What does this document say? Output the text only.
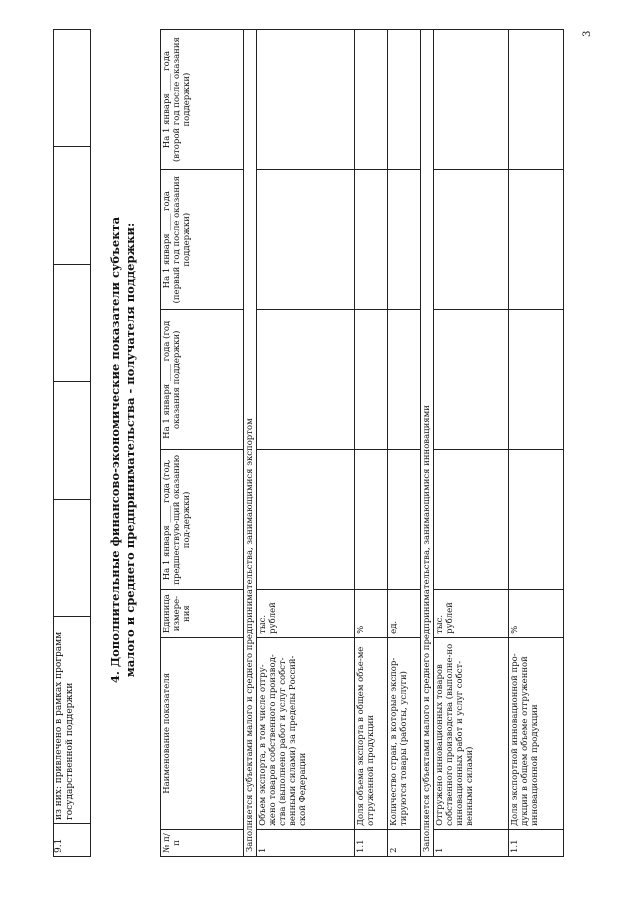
3
9.1	из них: привлечено в рамках программ государственной поддержки					
4. Дополнительные финансово-экономические показатели субъекта малого и среднего предпринимательства - получателя поддержки:
№ п/п	Наименование показателя	Единица измере-ния	На 1 января ____ года (год, предшествую-щий оказанию под-держки)	На 1 января ____ года (год оказания поддержки)	На 1 января ____ года (первый год после оказания поддержки)	На 1 января ____ года (второй год после оказания поддержки)
Заполняется субъектами малого и среднего предпринимательства, занимающимися экспортом						
1	Объем экспорта, в том числе отгру-жено товаров собственного производ-ства (выполнено работ и услуг собст-венными силами) за пределы Россий-ской Федерации	тыс. рублей				
1.1	Доля объема экспорта в общем объе-ме отгруженной продукции	%				
2	Количество стран, в которые экспор-тируются товары (работы, услуги)	ед.				
Заполняется субъектами малого и среднего предпринимательства, занимающимися инновациями						
1	Отгружено инновационных товаров собственного производства (выполне-но инновационных работ и услуг собст-венными силами)	тыс. рублей				
1.1	Доля экспортной инновационной про-дукции в общем объеме отгруженной инновационной продукции	%				
